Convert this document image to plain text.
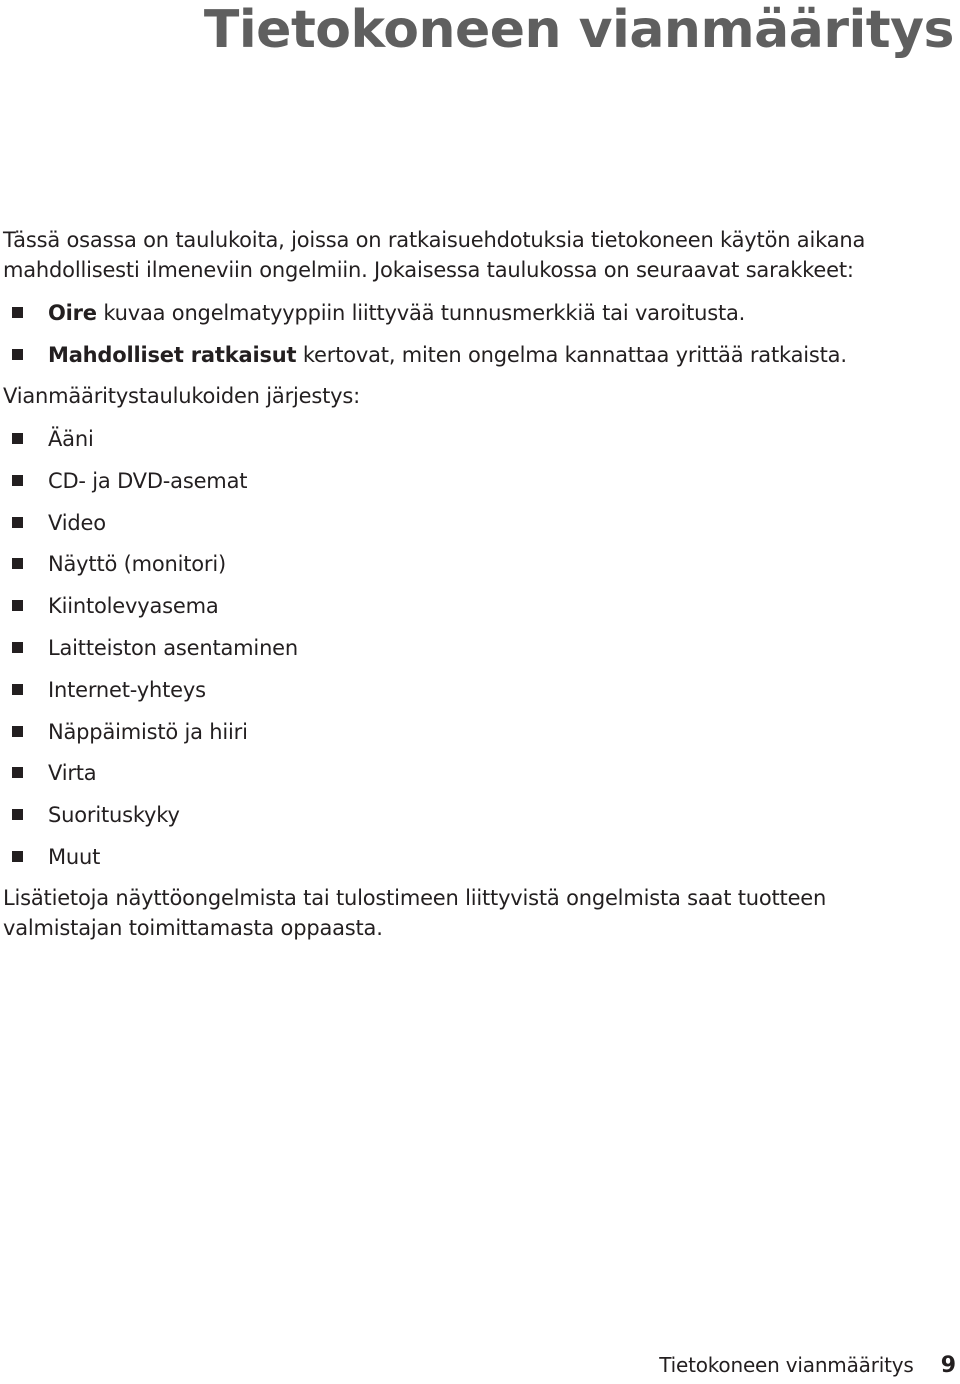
Tietokoneen vianmääritys

Tässä osassa on taulukoita, joissa on ratkaisuehdotuksia tietokoneen käytön aikana mahdollisesti ilmeneviin ongelmiin. Jokaisessa taulukossa on seuraavat sarakkeet:

Oire kuvaa ongelmatyyppiin liittyvää tunnusmerkkiä tai varoitusta.
Mahdolliset ratkaisut kertovat, miten ongelma kannattaa yrittää ratkaista.

Vianmääritystaulukoiden järjestys:

Ääni
CD- ja DVD-asemat
Video
Näyttö (monitori)
Kiintolevyasema
Laitteiston asentaminen
Internet-yhteys
Näppäimistö ja hiiri
Virta
Suorituskyky
Muut

Lisätietoja näyttöongelmista tai tulostimeen liittyvistä ongelmista saat tuotteen valmistajan toimittamasta oppaasta.

Tietokoneen vianmääritys 9
